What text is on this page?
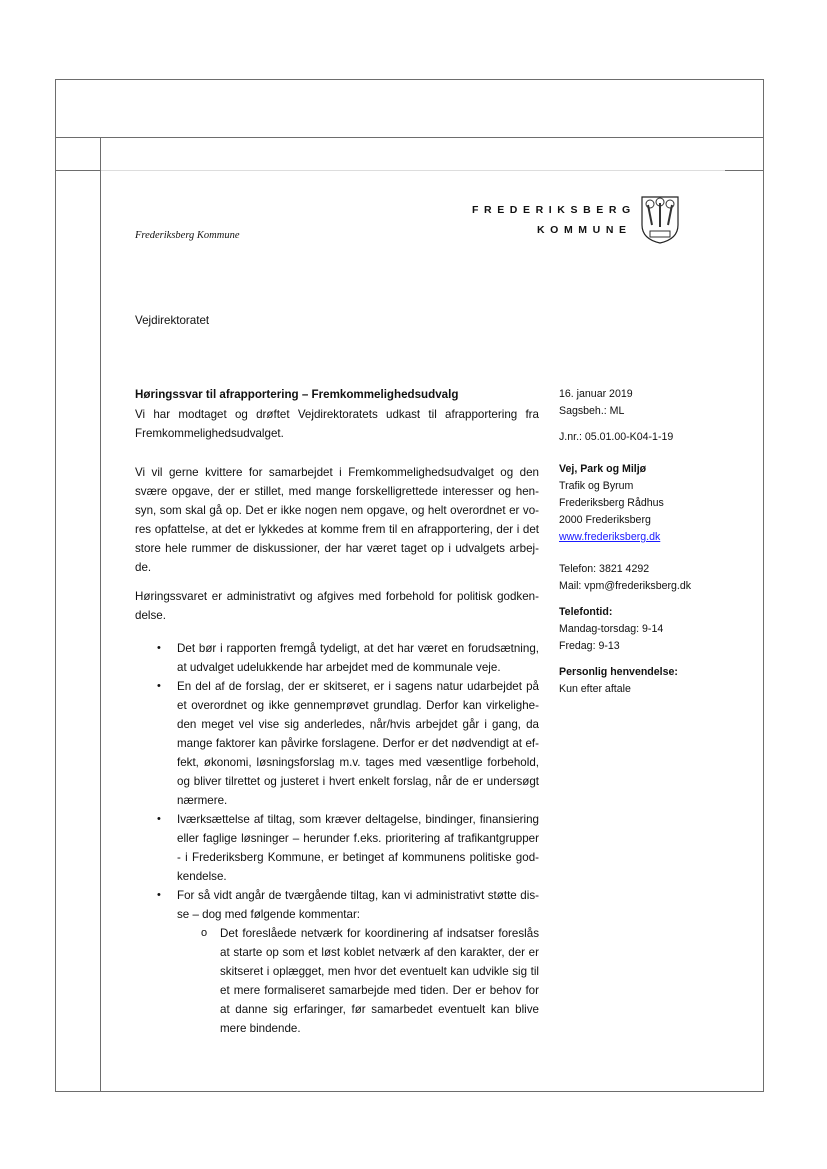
Frederiksberg Kommune
FREDERIKSBERG
KOMMUNE
Vejdirektoratet
Høringssvar til afrapportering – Fremkommelighedsudvalg
Vi har modtaget og drøftet Vejdirektoratets udkast til afrapportering fra
Fremkommelighedsudvalget.
Vi vil gerne kvittere for samarbejdet i Fremkommelighedsudvalget og den
svære opgave, der er stillet, med mange forskelligrettede interesser og hen-
syn, som skal gå op. Det er ikke nogen nem opgave, og helt overordnet er vo-
res opfattelse, at det er lykkedes at komme frem til en afrapportering, der i det
store hele rummer de diskussioner, der har været taget op i udvalgets arbej-
de.
Høringssvaret er administrativt og afgives med forbehold for politisk godken-
delse.
Det bør i rapporten fremgå tydeligt, at det har været en forudsætning,
at udvalget udelukkende har arbejdet med de kommunale veje.
•
En del af de forslag, der er skitseret, er i sagens natur udarbejdet på
et overordnet og ikke gennemprøvet grundlag. Derfor kan virkelighe-
den meget vel vise sig anderledes, når/hvis arbejdet går i gang, da
mange faktorer kan påvirke forslagene. Derfor er det nødvendigt at ef-
fekt, økonomi, løsningsforslag m.v. tages med væsentlige forbehold,
og bliver tilrettet og justeret i hvert enkelt forslag, når de er undersøgt
nærmere.
•
Iværksættelse af tiltag, som kræver deltagelse, bindinger, finansiering
eller faglige løsninger – herunder f.eks. prioritering af trafikantgrupper
- i Frederiksberg Kommune, er betinget af kommunens politiske god-
kendelse.
•
For så vidt angår de tværgående tiltag, kan vi administrativt støtte dis-
se – dog med følgende kommentar:
•
Det foreslåede netværk for koordinering af indsatser foreslås
at starte op som et løst koblet netværk af den karakter, der er
skitseret i oplægget, men hvor det eventuelt kan udvikle sig til
et mere formaliseret samarbejde med tiden. Der er behov for
at danne sig erfaringer, før samarbedet eventuelt kan blive
mere bindende.
o
16. januar 2019
Sagsbeh.: ML
J.nr.: 05.01.00-K04-1-19
Vej, Park og Miljø
Trafik og Byrum
Frederiksberg Rådhus
2000 Frederiksberg
www.frederiksberg.dk
Telefon: 3821 4292
Mail: vpm@frederiksberg.dk
Telefontid:
Mandag-torsdag: 9-14
Fredag: 9-13
Personlig henvendelse:
Kun efter aftale
